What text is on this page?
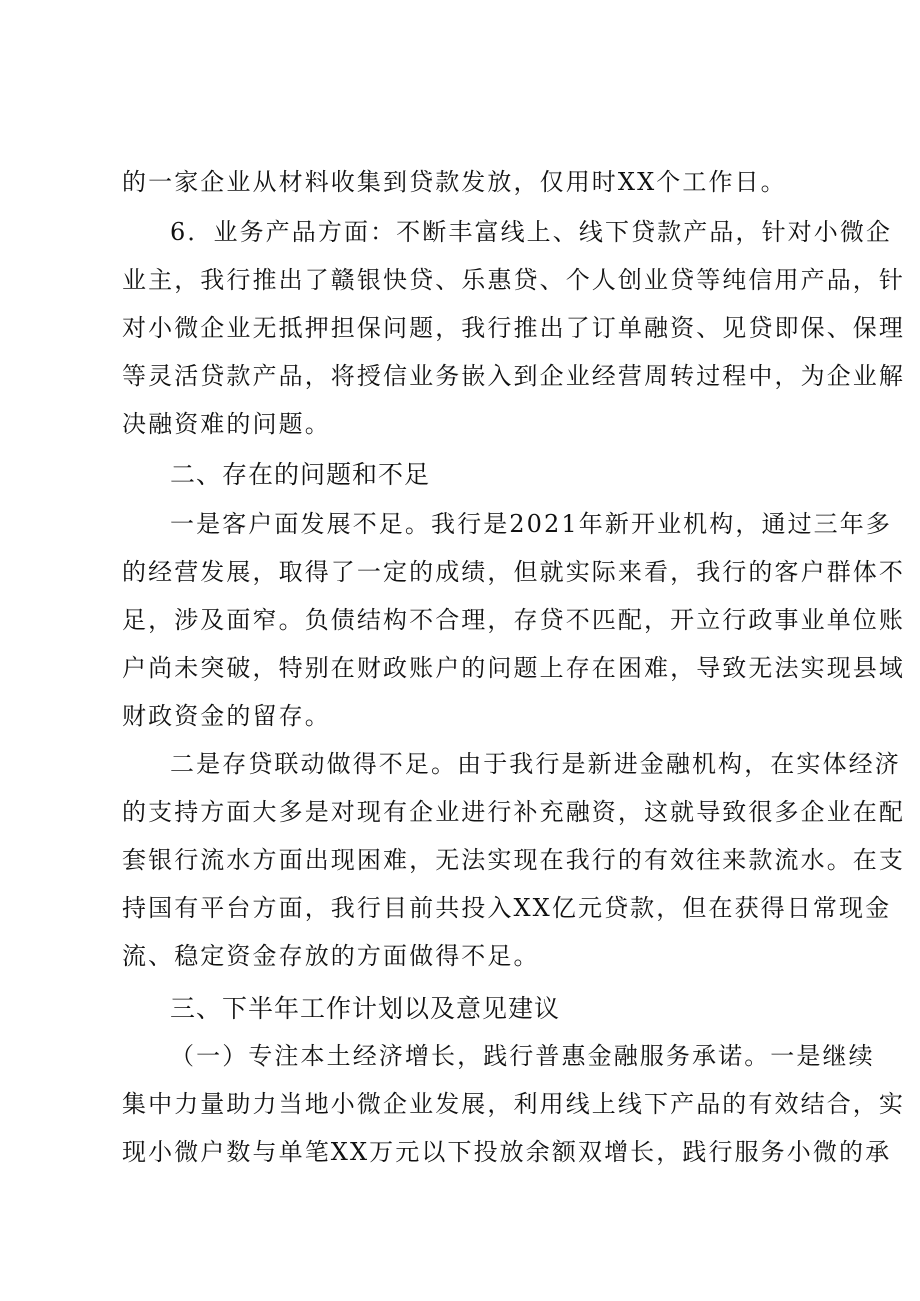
的一家企业从材料收集到贷款发放，仅用时XX个工作日。
6．业务产品方面：不断丰富线上、线下贷款产品，针对小微企
业主，我行推出了赣银快贷、乐惠贷、个人创业贷等纯信用产品，针
对小微企业无抵押担保问题，我行推出了订单融资、见贷即保、保理
等灵活贷款产品，将授信业务嵌入到企业经营周转过程中，为企业解
决融资难的问题。
二、存在的问题和不足
一是客户面发展不足。我行是2021年新开业机构，通过三年多
的经营发展，取得了一定的成绩，但就实际来看，我行的客户群体不
足，涉及面窄。负债结构不合理，存贷不匹配，开立行政事业单位账
户尚未突破，特别在财政账户的问题上存在困难，导致无法实现县域
财政资金的留存。
二是存贷联动做得不足。由于我行是新进金融机构，在实体经济
的支持方面大多是对现有企业进行补充融资，这就导致很多企业在配
套银行流水方面出现困难，无法实现在我行的有效往来款流水。在支
持国有平台方面，我行目前共投入XX亿元贷款，但在获得日常现金
流、稳定资金存放的方面做得不足。
三、下半年工作计划以及意见建议
（一）专注本土经济增长，践行普惠金融服务承诺。一是继续
集中力量助力当地小微企业发展，利用线上线下产品的有效结合，实
现小微户数与单笔XX万元以下投放余额双增长，践行服务小微的承
